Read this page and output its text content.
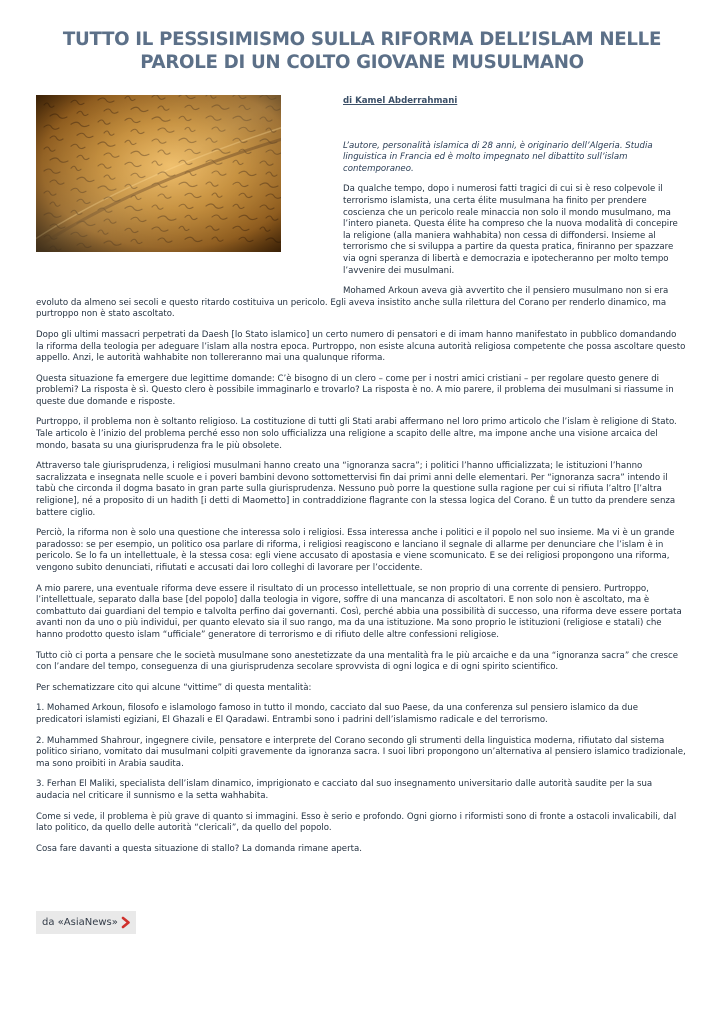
TUTTO IL PESSISIMISMO SULLA RIFORMA DELL’ISLAM NELLE PAROLE DI UN COLTO GIOVANE MUSULMANO

di Kamel Abderrahmani

L’autore, personalità islamica di 28 anni, è originario dell’Algeria. Studia linguistica in Francia ed è molto impegnato nel dibattito sull’islam contemporaneo.

Da qualche tempo, dopo i numerosi fatti tragici di cui si è reso colpevole il terrorismo islamista, una certa élite musulmana ha finito per prendere coscienza che un pericolo reale minaccia non solo il mondo musulmano, ma l’intero pianeta. Questa élite ha compreso che la nuova modalità di concepire la religione (alla maniera wahhabita) non cessa di diffondersi. Insieme al terrorismo che si sviluppa a partire da questa pratica, finiranno per spazzare via ogni speranza di libertà e democrazia e ipotecheranno per molto tempo l’avvenire dei musulmani.

Mohamed Arkoun aveva già avvertito che il pensiero musulmano non si era evoluto da almeno sei secoli e questo ritardo costituiva un pericolo. Egli aveva insistito anche sulla rilettura del Corano per renderlo dinamico, ma purtroppo non è stato ascoltato.

Dopo gli ultimi massacri perpetrati da Daesh [lo Stato islamico] un certo numero di pensatori e di imam hanno manifestato in pubblico domandando la riforma della teologia per adeguare l’islam alla nostra epoca. Purtroppo, non esiste alcuna autorità religiosa competente che possa ascoltare questo appello. Anzi, le autorità wahhabite non tollereranno mai una qualunque riforma.

Questa situazione fa emergere due legittime domande: C’è bisogno di un clero – come per i nostri amici cristiani – per regolare questo genere di problemi? La risposta è sì. Questo clero è possibile immaginarlo e trovarlo? La risposta è no. A mio parere, il problema dei musulmani si riassume in queste due domande e risposte.

Purtroppo, il problema non è soltanto religioso. La costituzione di tutti gli Stati arabi affermano nel loro primo articolo che l’islam è religione di Stato. Tale articolo è l’inizio del problema perché esso non solo ufficializza una religione a scapito delle altre, ma impone anche una visione arcaica del mondo, basata su una giurisprudenza fra le più obsolete.

Attraverso tale giurisprudenza, i religiosi musulmani hanno creato una “ignoranza sacra”; i politici l’hanno ufficializzata; le istituzioni l’hanno sacralizzata e insegnata nelle scuole e i poveri bambini devono sottomettervisi fin dai primi anni delle elementari. Per “ignoranza sacra” intendo il tabù che circonda il dogma basato in gran parte sulla giurisprudenza. Nessuno può porre la questione sulla ragione per cui si rifiuta l’altro [l’altra religione], né a proposito di un hadith [i detti di Maometto] in contraddizione flagrante con la stessa logica del Corano. È un tutto da prendere senza battere ciglio.

Perciò, la riforma non è solo una questione che interessa solo i religiosi. Essa interessa anche i politici e il popolo nel suo insieme. Ma vi è un grande paradosso: se per esempio, un politico osa parlare di riforma, i religiosi reagiscono e lanciano il segnale di allarme per denunciare che l’islam è in pericolo. Se lo fa un intellettuale, è la stessa cosa: egli viene accusato di apostasia e viene scomunicato. E se dei religiosi propongono una riforma, vengono subito denunciati, rifiutati e accusati dai loro colleghi di lavorare per l’occidente.

A mio parere, una eventuale riforma deve essere il risultato di un processo intellettuale, se non proprio di una corrente di pensiero. Purtroppo, l’intellettuale, separato dalla base [del popolo] dalla teologia in vigore, soffre di una mancanza di ascoltatori. E non solo non è ascoltato, ma è combattuto dai guardiani del tempio e talvolta perfino dai governanti. Così, perché abbia una possibilità di successo, una riforma deve essere portata avanti non da uno o più individui, per quanto elevato sia il suo rango, ma da una istituzione. Ma sono proprio le istituzioni (religiose e statali) che hanno prodotto questo islam “ufficiale” generatore di terrorismo e di rifiuto delle altre confessioni religiose.

Tutto ciò ci porta a pensare che le società musulmane sono anestetizzate da una mentalità fra le più arcaiche e da una “ignoranza sacra” che cresce con l’andare del tempo, conseguenza di una giurisprudenza secolare sprovvista di ogni logica e di ogni spirito scientifico.

Per schematizzare cito qui alcune “vittime” di questa mentalità:

1. Mohamed Arkoun, filosofo e islamologo famoso in tutto il mondo, cacciato dal suo Paese, da una conferenza sul pensiero islamico da due predicatori islamisti egiziani, El Ghazali e El Qaradawi. Entrambi sono i padrini dell’islamismo radicale e del terrorismo.

2. Muhammed Shahrour, ingegnere civile, pensatore e interprete del Corano secondo gli strumenti della linguistica moderna, rifiutato dal sistema politico siriano, vomitato dai musulmani colpiti gravemente da ignoranza sacra. I suoi libri propongono un’alternativa al pensiero islamico tradizionale, ma sono proibiti in Arabia saudita.

3. Ferhan El Maliki, specialista dell’islam dinamico, imprigionato e cacciato dal suo insegnamento universitario dalle autorità saudite per la sua audacia nel criticare il sunnismo e la setta wahhabita.

Come si vede, il problema è più grave di quanto si immagini. Esso è serio e profondo. Ogni giorno i riformisti sono di fronte a ostacoli invalicabili, dal lato politico, da quello delle autorità “clericali”, da quello del popolo.

Cosa fare davanti a questa situazione di stallo? La domanda rimane aperta.

da «AsiaNews»
